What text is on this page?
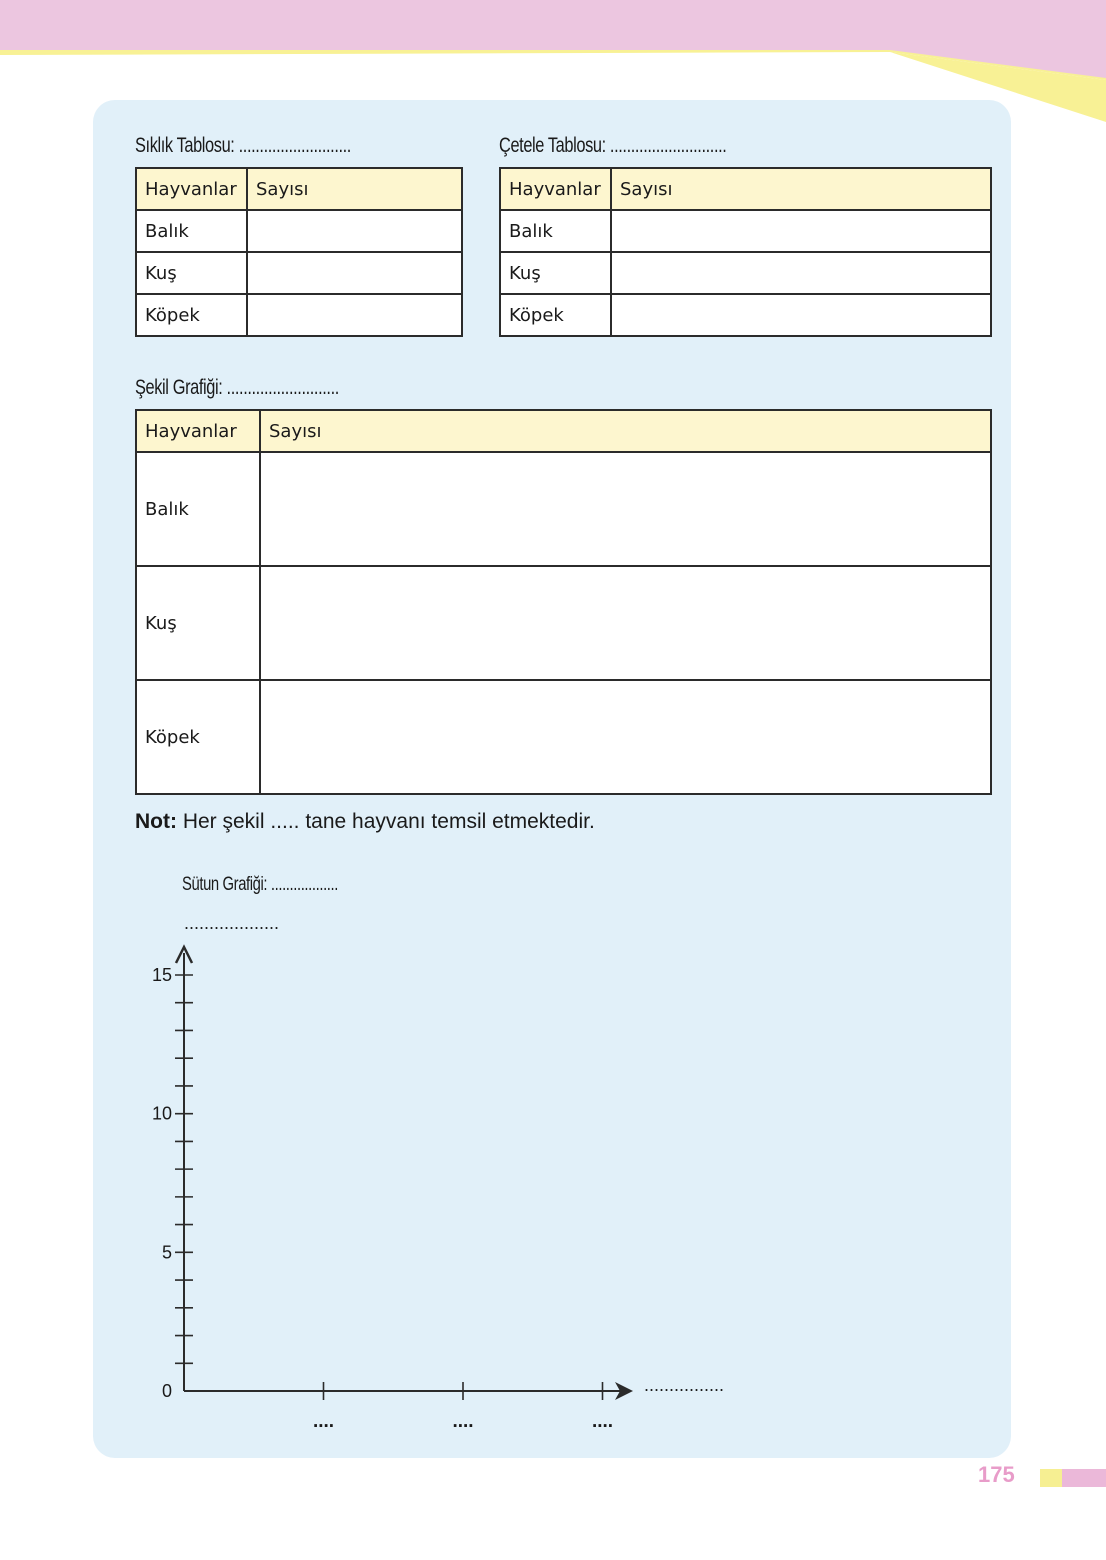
Sıklık Tablosu: ...........................
Hayvanlar	Sayısı
Balık	
Kuş	
Köpek	
Çetele Tablosu: ............................
Hayvanlar	Sayısı
Balık	
Kuş	
Köpek	
Şekil Grafiği: ...........................
Hayvanlar	Sayısı
Balık	
Kuş	
Köpek	
Not: Her şekil ..... tane hayvanı temsil etmektedir.
Sütun Grafiği: ..................
...................
................
0
5
10
15
....	....	....
175
